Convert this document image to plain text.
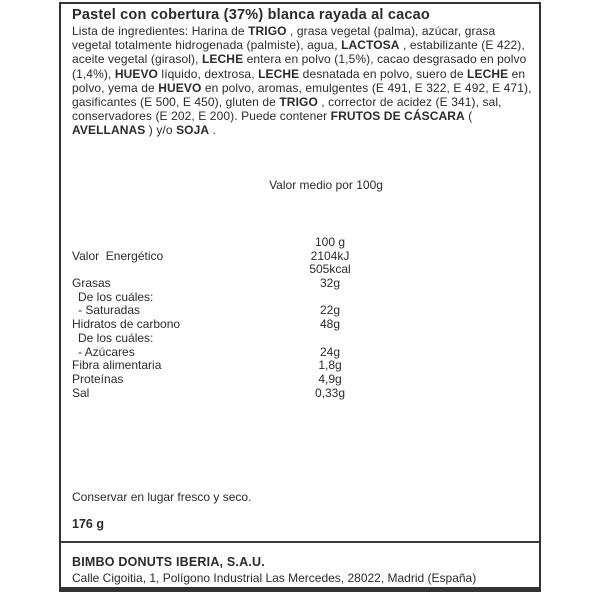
Pastel con cobertura (37%) blanca rayada al cacao

Lista de ingredientes: Harina de TRIGO , grasa vegetal (palma), azúcar, grasa vegetal totalmente hidrogenada (palmiste), agua, LACTOSA , estabilizante (E 422), aceite vegetal (girasol), LECHE entera en polvo (1,5%), cacao desgrasado en polvo (1,4%), HUEVO líquido, dextrosa, LECHE desnatada en polvo, suero de LECHE en polvo, yema de HUEVO en polvo, aromas, emulgentes (E 491, E 322, E 492, E 471), gasificantes (E 500, E 450), gluten de TRIGO , corrector de acidez (E 341), sal, conservadores (E 202, E 200). Puede contener FRUTOS DE CÁSCARA ( AVELLANAS ) y/o SOJA .

Valor medio por 100g
100 g
Valor  Energético	2104kJ
505kcal
Grasas	32g
De los cuáles:
- Saturadas	22g
Hidratos de carbono	48g
De los cuáles:
- Azúcares	24g
Fibra alimentaria	1,8g
Proteínas	4,9g
Sal	0,33g
Conservar en lugar fresco y seco.
176 g
BIMBO DONUTS IBERIA, S.A.U.
Calle Cigoitia, 1, Polígono Industrial Las Mercedes, 28022, Madrid (España)
